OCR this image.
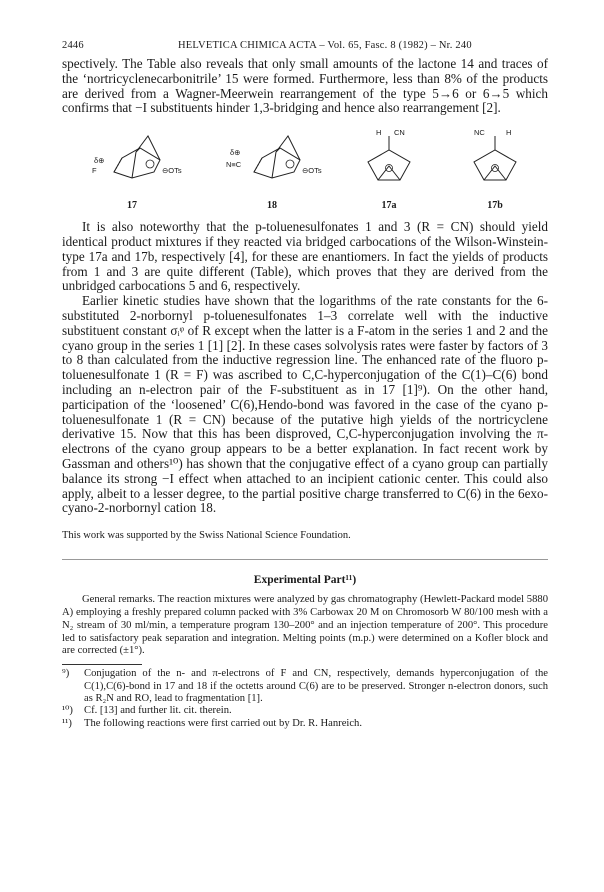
2446	HELVETICA CHIMICA ACTA – Vol. 65, Fasc. 8 (1982) – Nr. 240

spectively. The Table also reveals that only small amounts of the lactone 14 and traces of the ‘nortricyclenecarbonitrile’ 15 were formed. Furthermore, less than 8% of the products are derived from a Wagner-Meerwein rearrangement of the type 5→6 or 6→5 which confirms that −I substituents hinder 1,3-bridging and hence also rearrangement [2].

δ⊕
F	⊖OTs
17
δ⊕
N≡C
⊖OTs
18
H CN
17a
NC	H
17b

It is also noteworthy that the p-toluenesulfonates 1 and 3 (R = CN) should yield identical product mixtures if they reacted via bridged carbocations of the Wilson-Winstein-type 17a and 17b, respectively [4], for these are enantiomers. In fact the yields of products from 1 and 3 are quite different (Table), which proves that they are derived from the unbridged carbocations 5 and 6, respectively.

Earlier kinetic studies have shown that the logarithms of the rate constants for the 6-substituted 2-norbornyl p-toluenesulfonates 1–3 correlate well with the inductive substituent constant σᵢᵠ of R except when the latter is a F-atom in the series 1 and 2 and the cyano group in the series 1 [1] [2]. In these cases solvolysis rates were faster by factors of 3 to 8 than calculated from the inductive regression line. The enhanced rate of the fluoro p-toluenesulfonate 1 (R = F) was ascribed to C,C-hyperconjugation of the C(1)–C(6) bond including an n-electron pair of the F-substituent as in 17 [1]⁹). On the other hand, participation of the ‘loosened’ C(6),Hendo-bond was favored in the case of the cyano p-toluenesulfonate 1 (R = CN) because of the putative high yields of the nortricyclene derivative 15. Now that this has been disproved, C,C-hyperconjugation involving the π-electrons of the cyano group appears to be a better explanation. In fact recent work by Gassman and others¹⁰) has shown that the conjugative effect of a cyano group can partially balance its strong −I effect when attached to an incipient cationic center. This could also apply, albeit to a lesser degree, to the partial positive charge transferred to C(6) in the 6exo-cyano-2-norbornyl cation 18.

This work was supported by the Swiss National Science Foundation.
Experimental Part¹¹)

General remarks. The reaction mixtures were analyzed by gas chromatography (Hewlett-Packard model 5880 A) employing a freshly prepared column packed with 3% Carbowax 20 M on Chromosorb W 80/100 mesh with a N₂ stream of 30 ml/min, a temperature program 130–200° and an injection temperature of 200°. This procedure led to satisfactory peak separation and integration. Melting points (m.p.) were determined on a Kofler block and are corrected (±1°).

⁹)	Conjugation of the n- and π-electrons of F and CN, respectively, demands hyperconjugation of the C(1),C(6)-bond in 17 and 18 if the octetts around C(6) are to be preserved. Stronger n-electron donors, such as R₂N and RO, lead to fragmentation [1].
¹⁰)	Cf. [13] and further lit. cit. therein.
¹¹)	The following reactions were first carried out by Dr. R. Hanreich.
